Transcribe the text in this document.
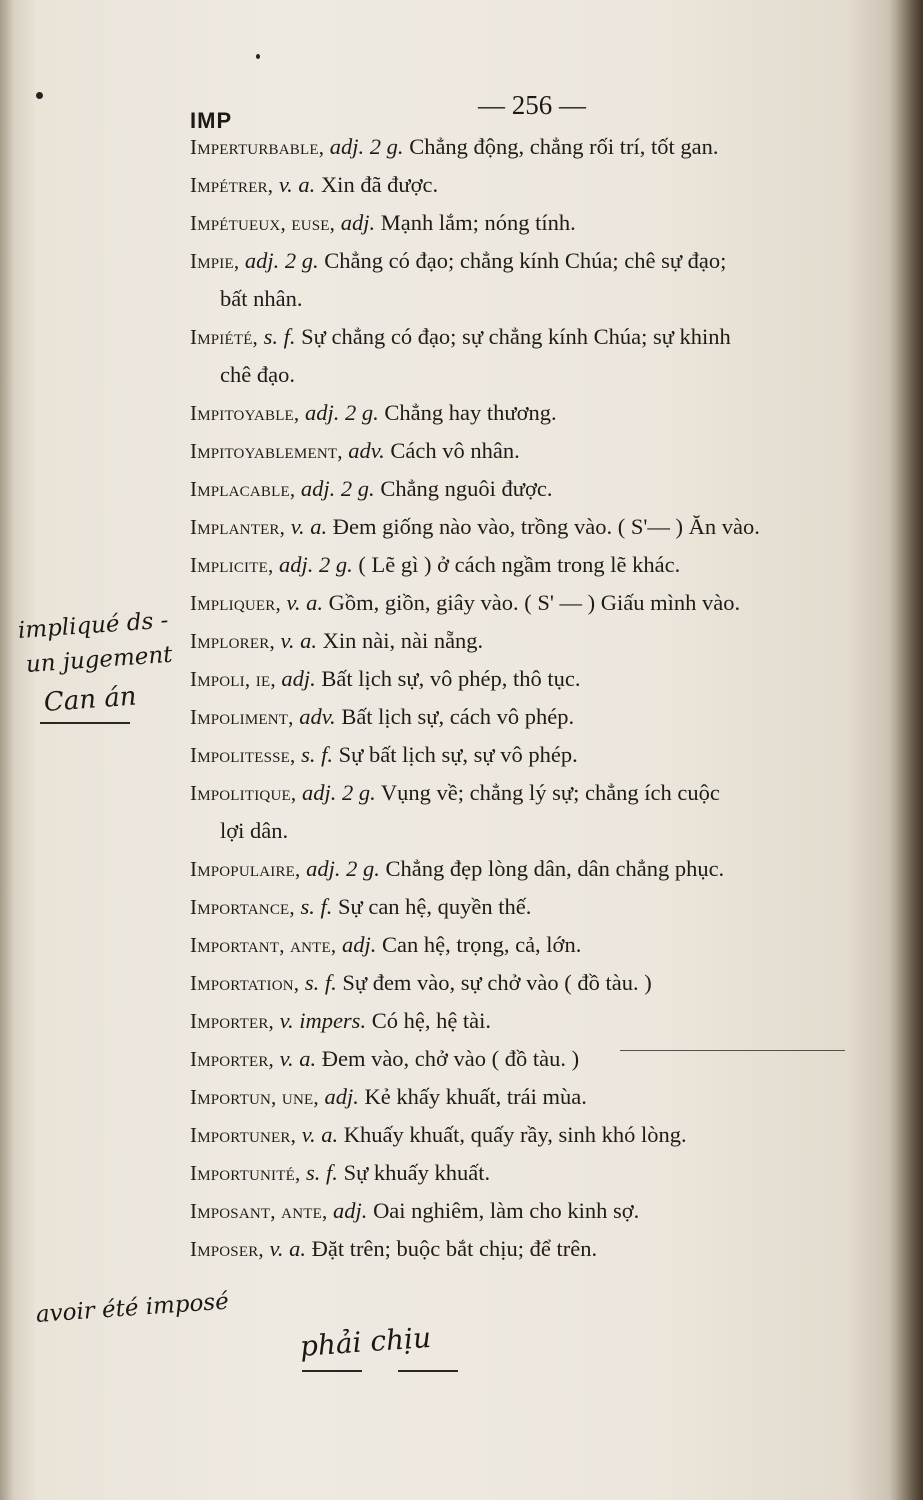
IMP
— 256 —
Imperturbable, adj. 2 g. Chẳng động, chẳng rối trí, tốt gan.
Impétrer, v. a. Xin đã được.
Impétueux, euse, adj. Mạnh lắm; nóng tính.
Impie, adj. 2 g. Chẳng có đạo; chẳng kính Chúa; chê sự đạo;
bất nhân.
Impiété, s. f. Sự chẳng có đạo; sự chẳng kính Chúa; sự khinh
chê đạo.
Impitoyable, adj. 2 g. Chẳng hay thương.
Impitoyablement, adv. Cách vô nhân.
Implacable, adj. 2 g. Chẳng nguôi được.
Implanter, v. a. Đem giống nào vào, trồng vào. ( S'— ) Ăn vào.
Implicite, adj. 2 g. ( Lẽ gì ) ở cách ngầm trong lẽ khác.
Impliquer, v. a. Gồm, giồn, giây vào. ( S' — ) Giấu mình vào.
Implorer, v. a. Xin nài, nài nẵng.
Impoli, ie, adj. Bất lịch sự, vô phép, thô tục.
Impoliment, adv. Bất lịch sự, cách vô phép.
Impolitesse, s. f. Sự bất lịch sự, sự vô phép.
Impolitique, adj. 2 g. Vụng về; chẳng lý sự; chẳng ích cuộc
lợi dân.
Impopulaire, adj. 2 g. Chẳng đẹp lòng dân, dân chẳng phục.
Importance, s. f. Sự can hệ, quyền thế.
Important, ante, adj. Can hệ, trọng, cả, lớn.
Importation, s. f. Sự đem vào, sự chở vào ( đồ tàu. )
Importer, v. impers. Có hệ, hệ tài.
Importer, v. a. Đem vào, chở vào ( đồ tàu. )
Importun, une, adj. Kẻ khấy khuất, trái mùa.
Importuner, v. a. Khuấy khuất, quấy rầy, sinh khó lòng.
Importunité, s. f. Sự khuấy khuất.
Imposant, ante, adj. Oai nghiêm, làm cho kinh sợ.
Imposer, v. a. Đặt trên; buộc bắt chịu; để trên.
impliqué ds -
un jugement
Can án
avoir été imposé
phải chịu
